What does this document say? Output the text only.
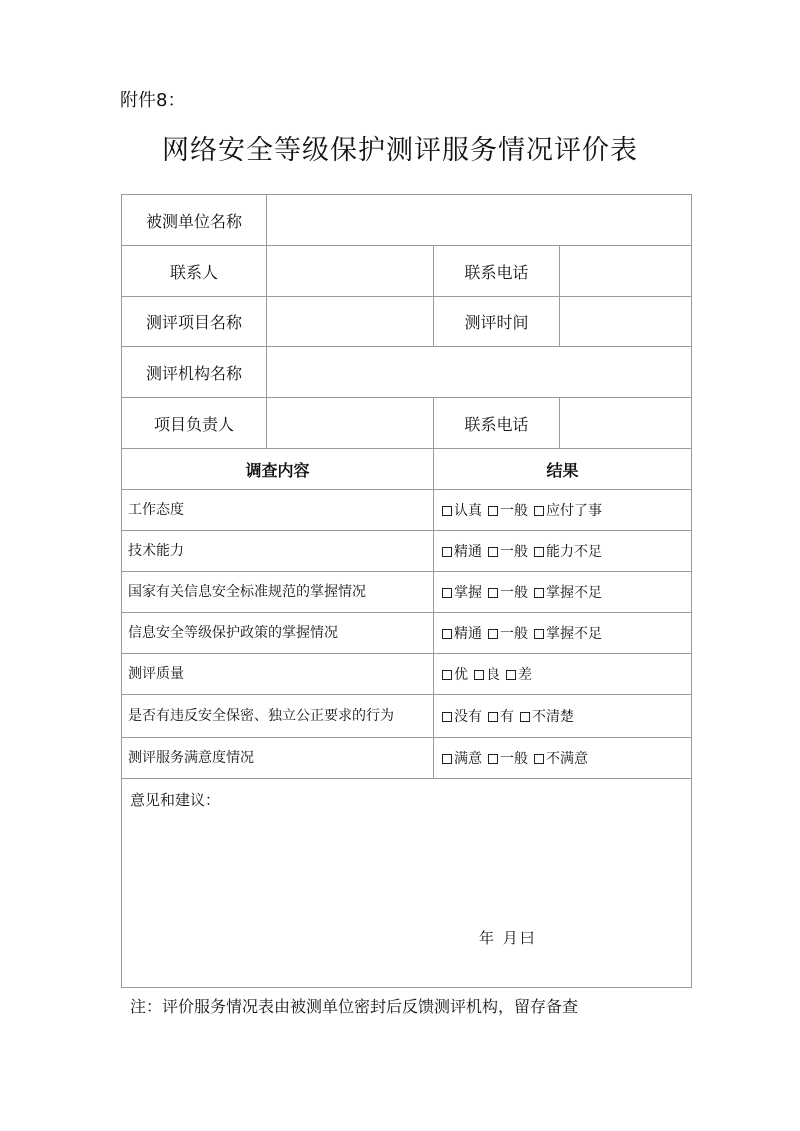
附件8：
网络安全等级保护测评服务情况评价表
被测单位名称			
联系人		联系电话	
测评项目名称		测评时间	
测评机构名称			
项目负责人		联系电话	
调查内容		结果	
工作态度		认真 一般 应付了事	
技术能力		精通 一般 能力不足	
国家有关信息安全标准规范的掌握情况		掌握 一般 掌握不足	
信息安全等级保护政策的掌握情况		精通 一般 掌握不足	
测评质量		优 良 差	
是否有违反安全保密、独立公正要求的行为		没有 有 不清楚	
测评服务满意度情况		满意 一般 不满意	

意见和建议：
年 月曰			
注：评价服务情况表由被测单位密封后反馈测评机构，留存备查
